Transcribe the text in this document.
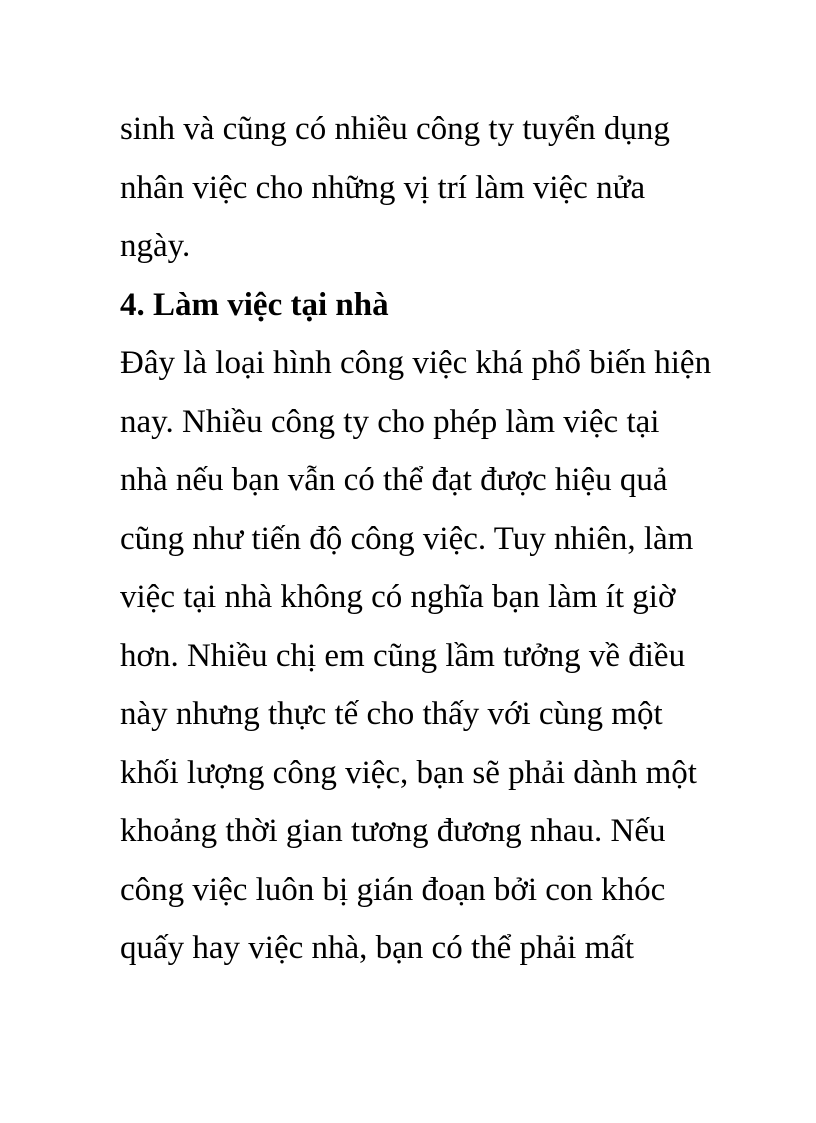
sinh và cũng có nhiều công ty tuyển dụng

nhân việc cho những vị trí làm việc nửa

ngày.

4. Làm việc tại nhà

Đây là loại hình công việc khá phổ biến hiện

nay. Nhiều công ty cho phép làm việc tại

nhà nếu bạn vẫn có thể đạt được hiệu quả

cũng như tiến độ công việc. Tuy nhiên, làm

việc tại nhà không có nghĩa bạn làm ít giờ

hơn. Nhiều chị em cũng lầm tưởng về điều

này nhưng thực tế cho thấy với cùng một

khối lượng công việc, bạn sẽ phải dành một

khoảng thời gian tương đương nhau. Nếu

công việc luôn bị gián đoạn bởi con khóc

quấy hay việc nhà, bạn có thể phải mất
